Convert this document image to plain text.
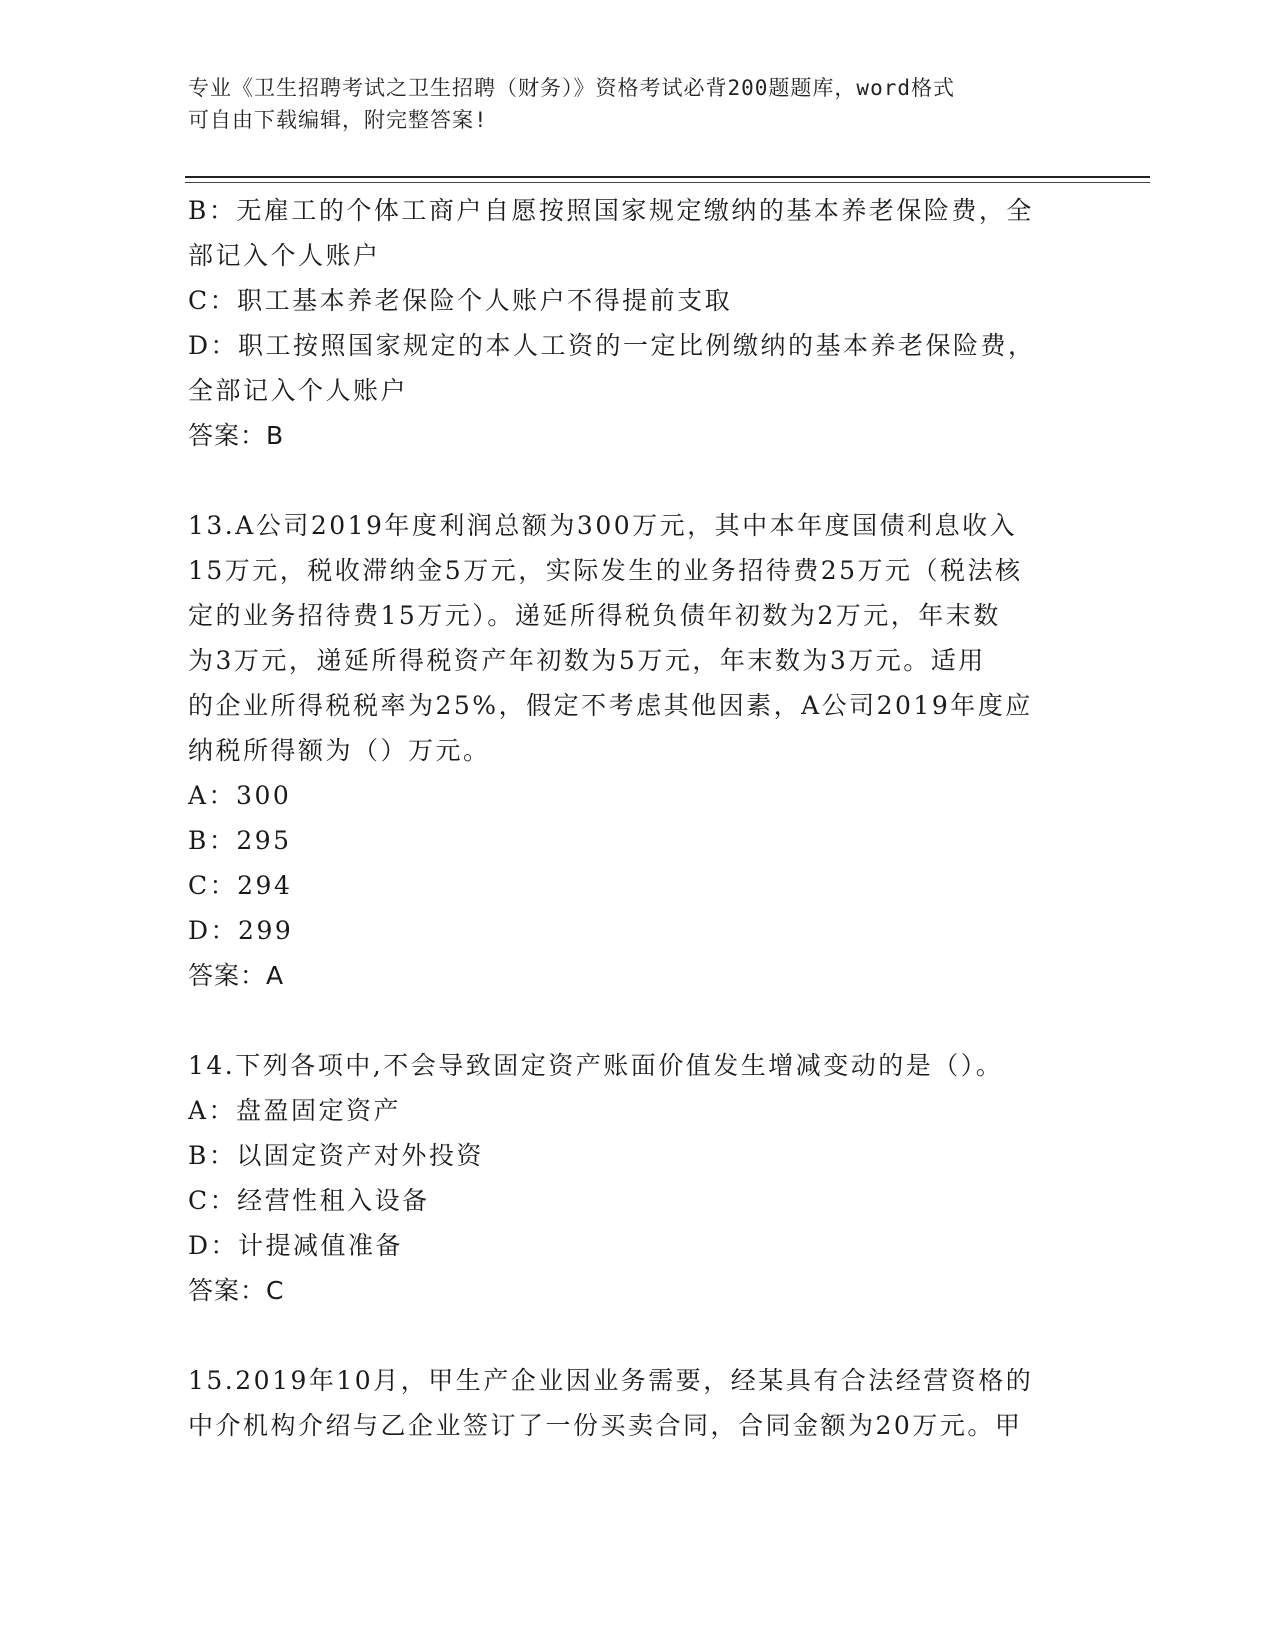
专业《卫生招聘考试之卫生招聘（财务）》资格考试必背200题题库，word格式
可自由下载编辑，附完整答案!
B：无雇工的个体工商户自愿按照国家规定缴纳的基本养老保险费，全
部记入个人账户
C：职工基本养老保险个人账户不得提前支取
D：职工按照国家规定的本人工资的一定比例缴纳的基本养老保险费，
全部记入个人账户
答案：B
13.A公司2019年度利润总额为300万元，其中本年度国债利息收入
15万元，税收滞纳金5万元，实际发生的业务招待费25万元（税法核
定的业务招待费15万元）。递延所得税负债年初数为2万元，年末数
为3万元，递延所得税资产年初数为5万元，年末数为3万元。适用
的企业所得税税率为25%，假定不考虑其他因素，A公司2019年度应
纳税所得额为（）万元。
A：300
B：295
C：294
D：299
答案：A
14.下列各项中,不会导致固定资产账面价值发生增减变动的是（）。
A：盘盈固定资产
B：以固定资产对外投资
C：经营性租入设备
D：计提减值准备
答案：C
15.2019年10月，甲生产企业因业务需要，经某具有合法经营资格的
中介机构介绍与乙企业签订了一份买卖合同，合同金额为20万元。甲
